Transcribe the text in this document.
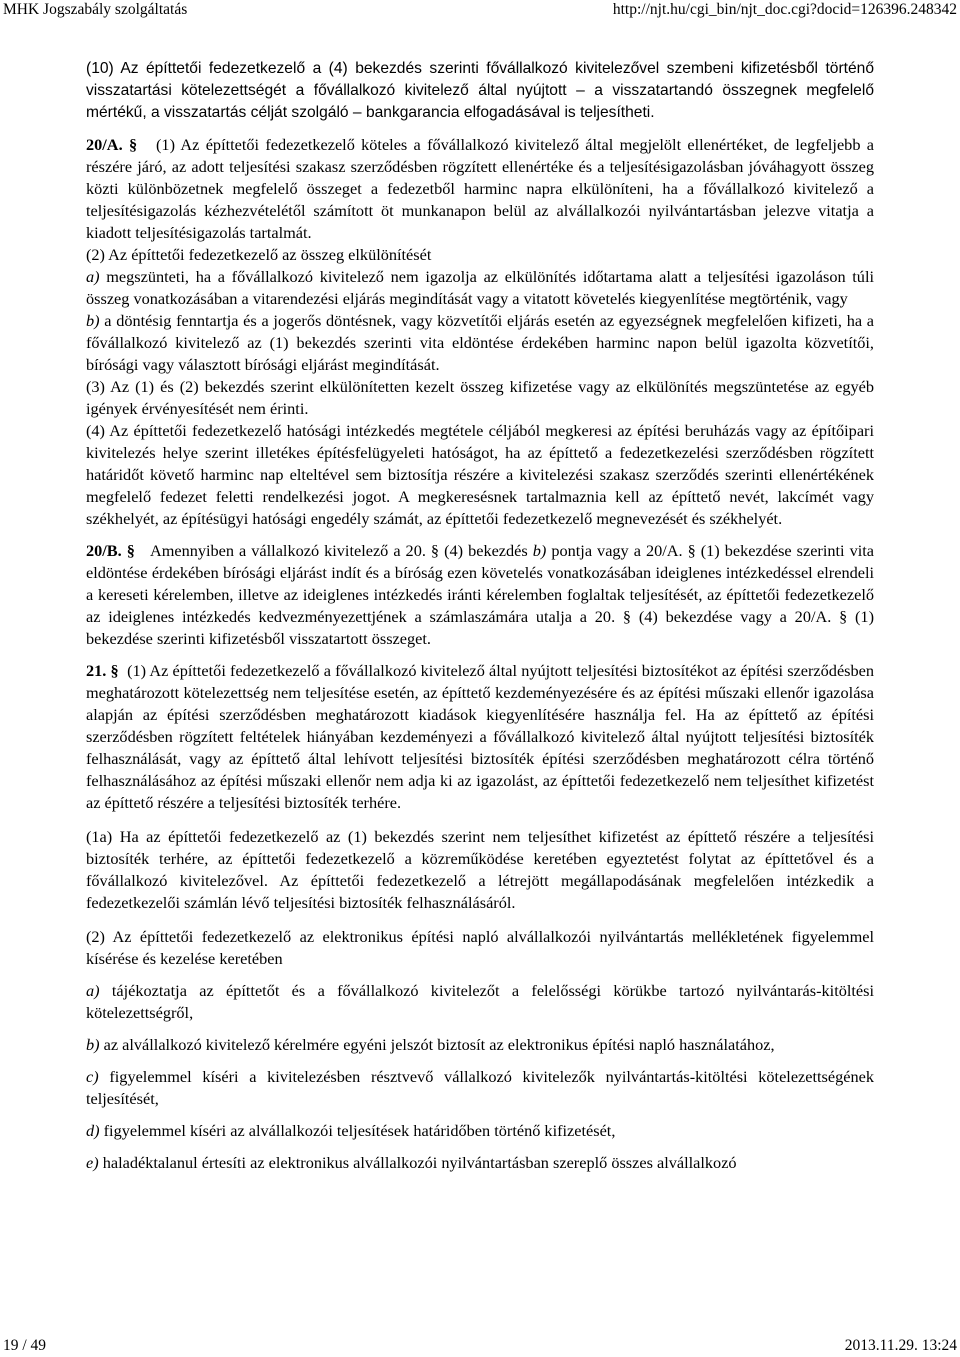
MHK Jogszabály szolgáltatás	http://njt.hu/cgi_bin/njt_doc.cgi?docid=126396.248342

(10) Az építtetői fedezetkezelő a (4) bekezdés szerinti fővállalkozó kivitelezővel szembeni kifizetésből történő visszatartási kötelezettségét a fővállalkozó kivitelező által nyújtott – a visszatartandó összegnek megfelelő mértékű, a visszatartás célját szolgáló – bankgarancia elfogadásával is teljesítheti.

20/A. § (1) Az építtetői fedezetkezelő köteles a fővállalkozó kivitelező által megjelölt ellenértéket, de legfeljebb a részére járó, az adott teljesítési szakasz szerződésben rögzített ellenértéke és a teljesítésigazolásban jóváhagyott összeg közti különbözetnek megfelelő összeget a fedezetből harminc napra elkülöníteni, ha a fővállalkozó kivitelező a teljesítésigazolás kézhezvételétől számított öt munkanapon belül az alvállalkozói nyilvántartásban jelezve vitatja a kiadott teljesítésigazolás tartalmát.

(2) Az építtetői fedezetkezelő az összeg elkülönítését

a) megszünteti, ha a fővállalkozó kivitelező nem igazolja az elkülönítés időtartama alatt a teljesítési igazoláson túli összeg vonatkozásában a vitarendezési eljárás megindítását vagy a vitatott követelés kiegyenlítése megtörténik, vagy

b) a döntésig fenntartja és a jogerős döntésnek, vagy közvetítői eljárás esetén az egyezségnek megfelelően kifizeti, ha a fővállalkozó kivitelező az (1) bekezdés szerinti vita eldöntése érdekében harminc napon belül igazolta közvetítői, bírósági vagy választott bírósági eljárást megindítását.

(3) Az (1) és (2) bekezdés szerint elkülönítetten kezelt összeg kifizetése vagy az elkülönítés megszüntetése az egyéb igények érvényesítését nem érinti.

(4) Az építtetői fedezetkezelő hatósági intézkedés megtétele céljából megkeresi az építési beruházás vagy az építőipari kivitelezés helye szerint illetékes építésfelügyeleti hatóságot, ha az építtető a fedezetkezelési szerződésben rögzített határidőt követő harminc nap elteltével sem biztosítja részére a kivitelezési szakasz szerződés szerinti ellenértékének megfelelő fedezet feletti rendelkezési jogot. A megkeresésnek tartalmaznia kell az építtető nevét, lakcímét vagy székhelyét, az építésügyi hatósági engedély számát, az építtetői fedezetkezelő megnevezését és székhelyét.

20/B. § Amennyiben a vállalkozó kivitelező a 20. § (4) bekezdés b) pontja vagy a 20/A. § (1) bekezdése szerinti vita eldöntése érdekében bírósági eljárást indít és a bíróság ezen követelés vonatkozásában ideiglenes intézkedéssel elrendeli a kereseti kérelemben, illetve az ideiglenes intézkedés iránti kérelemben foglaltak teljesítését, az építtetői fedezetkezelő az ideiglenes intézkedés kedvezményezettjének a számlaszámára utalja a 20. § (4) bekezdése vagy a 20/A. § (1) bekezdése szerinti kifizetésből visszatartott összeget.

21. § (1) Az építtetői fedezetkezelő a fővállalkozó kivitelező által nyújtott teljesítési biztosítékot az építési szerződésben meghatározott kötelezettség nem teljesítése esetén, az építtető kezdeményezésére és az építési műszaki ellenőr igazolása alapján az építési szerződésben meghatározott kiadások kiegyenlítésére használja fel. Ha az építtető az építési szerződésben rögzített feltételek hiányában kezdeményezi a fővállalkozó kivitelező által nyújtott teljesítési biztosíték felhasználását, vagy az építtető által lehívott teljesítési biztosíték építési szerződésben meghatározott célra történő felhasználásához az építési műszaki ellenőr nem adja ki az igazolást, az építtetői fedezetkezelő nem teljesíthet kifizetést az építtető részére a teljesítési biztosíték terhére.

(1a) Ha az építtetői fedezetkezelő az (1) bekezdés szerint nem teljesíthet kifizetést az építtető részére a teljesítési biztosíték terhére, az építtetői fedezetkezelő a közreműködése keretében egyeztetést folytat az építtetővel és a fővállalkozó kivitelezővel. Az építtetői fedezetkezelő a létrejött megállapodásának megfelelően intézkedik a fedezetkezelői számlán lévő teljesítési biztosíték felhasználásáról.

(2) Az építtetői fedezetkezelő az elektronikus építési napló alvállalkozói nyilvántartás mellékletének figyelemmel kísérése és kezelése keretében

a) tájékoztatja az építtetőt és a fővállalkozó kivitelezőt a felelősségi körükbe tartozó nyilvántarás-kitöltési kötelezettségről,

b) az alvállalkozó kivitelező kérelmére egyéni jelszót biztosít az elektronikus építési napló használatához,

c) figyelemmel kíséri a kivitelezésben résztvevő vállalkozó kivitelezők nyilvántartás-kitöltési kötelezettségének teljesítését,

d) figyelemmel kíséri az alvállalkozói teljesítések határidőben történő kifizetését,

e) haladéktalanul értesíti az elektronikus alvállalkozói nyilvántartásban szereplő összes alvállalkozó

19 / 49	2013.11.29. 13:24
